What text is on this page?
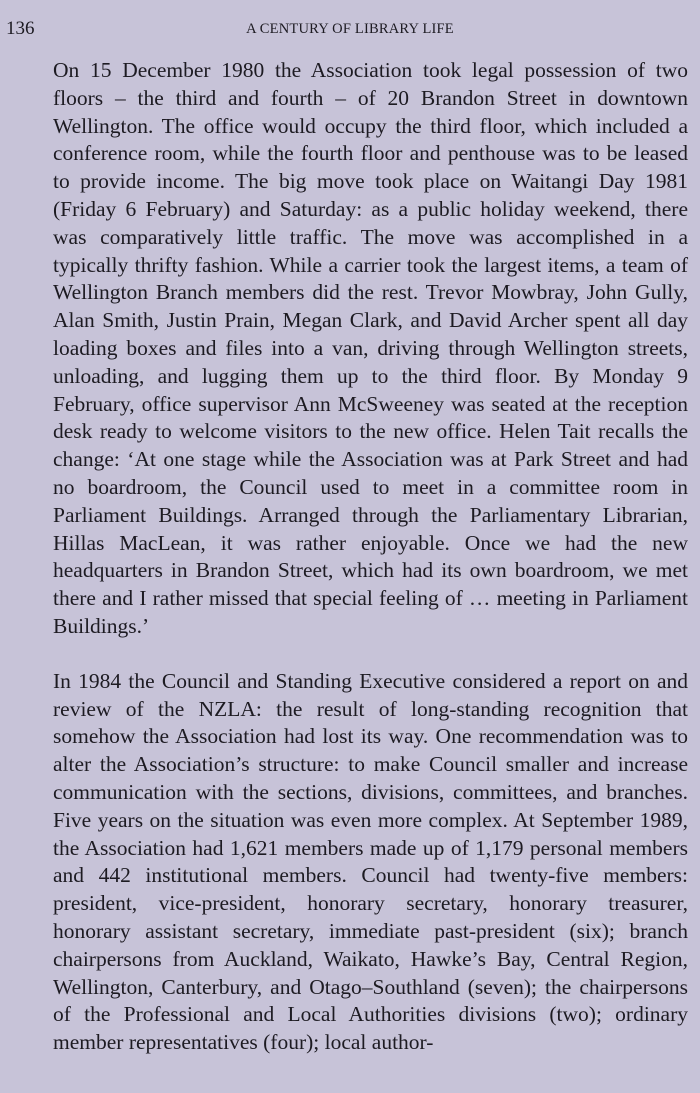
136	A CENTURY OF LIBRARY LIFE

On 15 December 1980 the Association took legal possession of two floors – the third and fourth – of 20 Brandon Street in downtown Wellington. The office would occupy the third floor, which included a conference room, while the fourth floor and penthouse was to be leased to provide income. The big move took place on Waitangi Day 1981 (Friday 6 February) and Saturday: as a public holiday weekend, there was comparatively little traffic. The move was accomplished in a typically thrifty fashion. While a carrier took the largest items, a team of Wellington Branch members did the rest. Trevor Mowbray, John Gully, Alan Smith, Justin Prain, Megan Clark, and David Archer spent all day loading boxes and files into a van, driving through Wellington streets, unloading, and lugging them up to the third floor. By Monday 9 February, office supervisor Ann McSweeney was seated at the reception desk ready to welcome visitors to the new office. Helen Tait recalls the change: ‘At one stage while the Association was at Park Street and had no boardroom, the Council used to meet in a committee room in Parliament Buildings. Arranged through the Parliamentary Librarian, Hillas MacLean, it was rather enjoyable. Once we had the new headquarters in Brandon Street, which had its own boardroom, we met there and I rather missed that special feeling of … meeting in Parliament Buildings.’

In 1984 the Council and Standing Executive considered a report on and review of the NZLA: the result of long-standing recognition that somehow the Association had lost its way. One recommendation was to alter the Association’s structure: to make Council smaller and increase communication with the sections, divisions, committees, and branches. Five years on the situation was even more complex. At September 1989, the Association had 1,621 members made up of 1,179 personal members and 442 institutional members. Council had twenty-five members: president, vice-president, honorary secretary, honorary treasurer, honorary assistant secretary, immediate past-president (six); branch chairpersons from Auckland, Waikato, Hawke’s Bay, Central Region, Wellington, Canterbury, and Otago–Southland (seven); the chairpersons of the Professional and Local Authorities divisions (two); ordinary member representatives (four); local author-
